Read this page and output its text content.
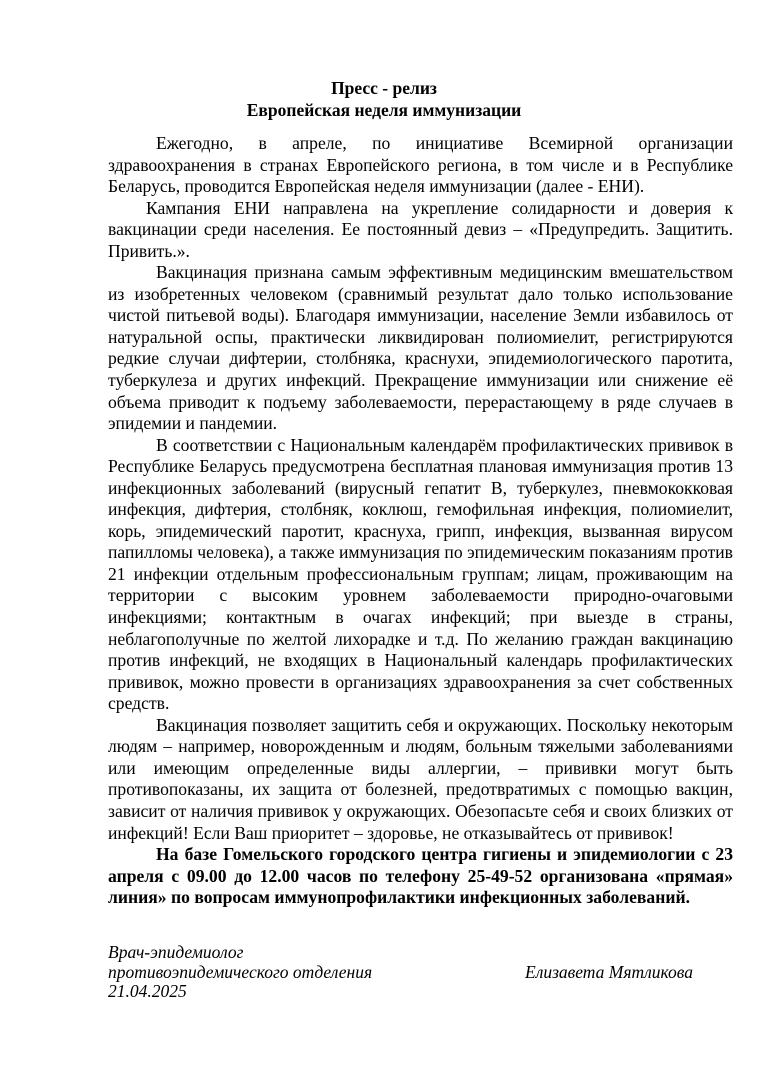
Пресс - релиз
Европейская неделя иммунизации

Ежегодно, в апреле, по инициативе Всемирной организации здравоохранения в странах Европейского региона, в том числе и в Республике Беларусь, проводится Европейская неделя иммунизации (далее - ЕНИ).

Кампания ЕНИ направлена на укрепление солидарности и доверия к вакцинации среди населения. Ее постоянный девиз – «Предупредить. Защитить. Привить.».

Вакцинация признана самым эффективным медицинским вмешательством из изобретенных человеком (сравнимый результат дало только использование чистой питьевой воды). Благодаря иммунизации, население Земли избавилось от натуральной оспы, практически ликвидирован полиомиелит, регистрируются редкие случаи дифтерии, столбняка, краснухи, эпидемиологического паротита, туберкулеза и других инфекций. Прекращение иммунизации или снижение её объема приводит к подъему заболеваемости, перерастающему в ряде случаев в эпидемии и пандемии.

В соответствии с Национальным календарём профилактических прививок в Республике Беларусь предусмотрена бесплатная плановая иммунизация против 13 инфекционных заболеваний (вирусный гепатит В, туберкулез, пневмококковая инфекция, дифтерия, столбняк, коклюш, гемофильная инфекция, полиомиелит, корь, эпидемический паротит, краснуха, грипп, инфекция, вызванная вирусом папилломы человека), а также иммунизация по эпидемическим показаниям против 21 инфекции отдельным профессиональным группам; лицам, проживающим на территории с высоким уровнем заболеваемости природно-очаговыми инфекциями; контактным в очагах инфекций; при выезде в страны, неблагополучные по желтой лихорадке и т.д. По желанию граждан вакцинацию против инфекций, не входящих в Национальный календарь профилактических прививок, можно провести в организациях здравоохранения за счет собственных средств.

Вакцинация позволяет защитить себя и окружающих. Поскольку некоторым людям – например, новорожденным и людям, больным тяжелыми заболеваниями или имеющим определенные виды аллергии, – прививки могут быть противопоказаны, их защита от болезней, предотвратимых с помощью вакцин, зависит от наличия прививок у окружающих. Обезопасьте себя и своих близких от инфекций! Если Ваш приоритет – здоровье, не отказывайтесь от прививок!

На базе Гомельского городского центра гигиены и эпидемиологии с 23 апреля с 09.00 до 12.00 часов по телефону 25-49-52 организована «прямая» линия» по вопросам иммунопрофилактики инфекционных заболеваний.

Врач-эпидемиолог
противоэпидемического отделения
21.04.2025
Елизавета Мятликова
